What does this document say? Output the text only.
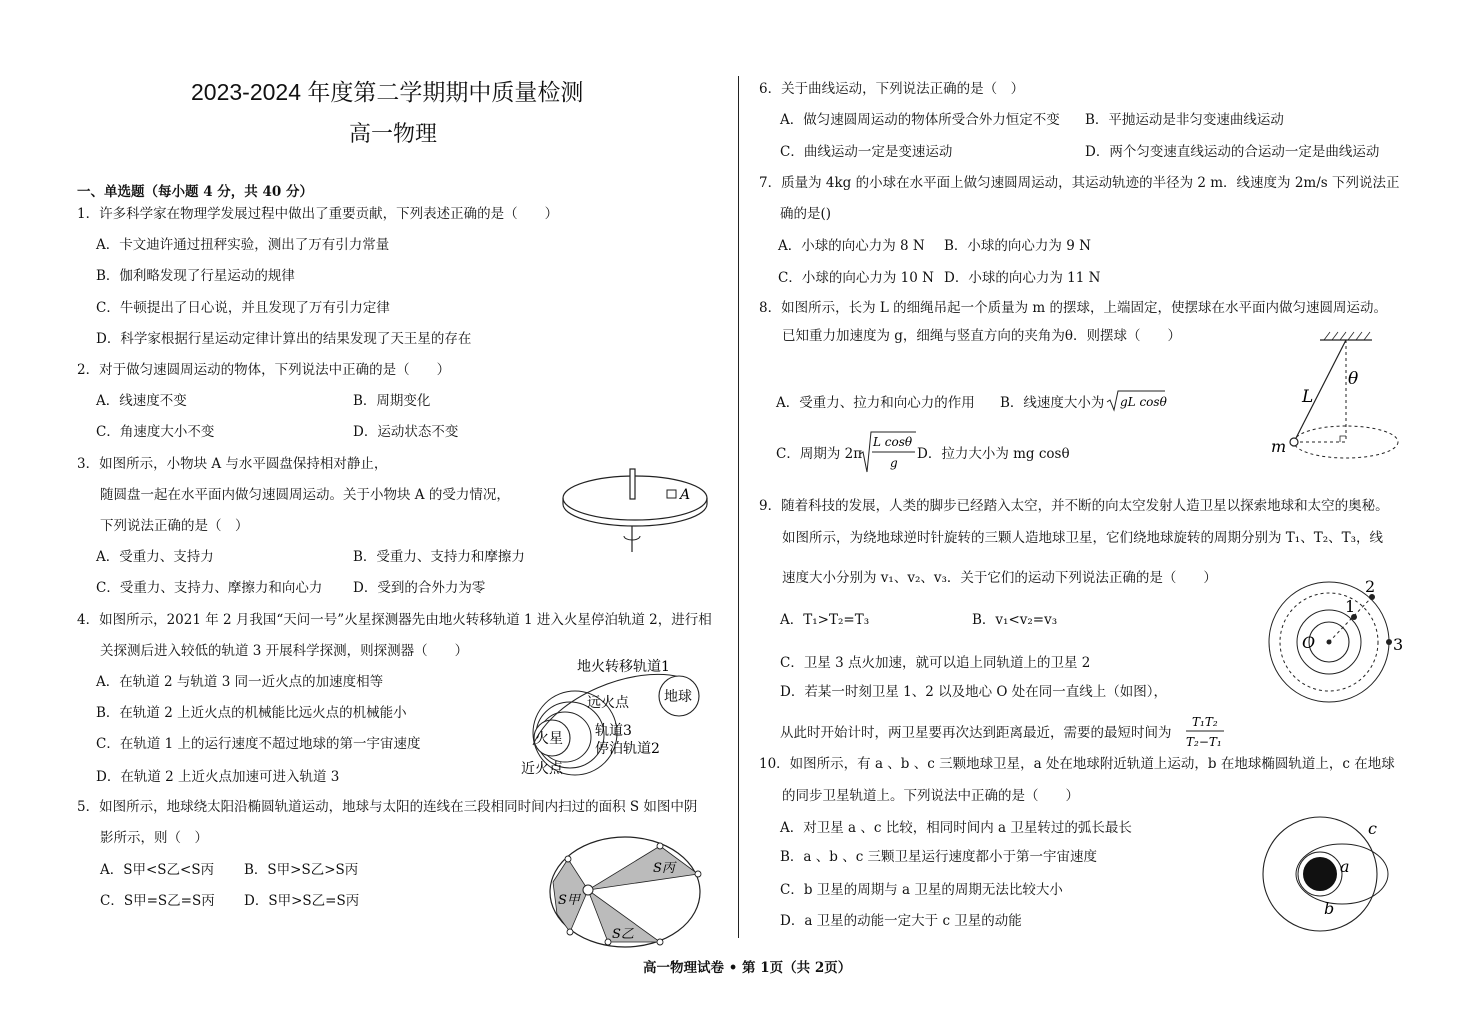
2023-2024 年度第二学期期中质量检测
高一物理
一、单选题（每小题 4 分，共 40 分）
1．许多科学家在物理学发展过程中做出了重要贡献，下列表述正确的是（　　）
A．卡文迪许通过扭秤实验，测出了万有引力常量
B．伽利略发现了行星运动的规律
C．牛顿提出了日心说，并且发现了万有引力定律
D．科学家根据行星运动定律计算出的结果发现了天王星的存在
2．对于做匀速圆周运动的物体，下列说法中正确的是（　　）
A．线速度不变	B．周期变化
C．角速度大小不变	D．运动状态不变
3．如图所示，小物块 A 与水平圆盘保持相对静止，
随圆盘一起在水平面内做匀速圆周运动。关于小物块 A 的受力情况，
下列说法正确的是（　）
A．受重力、支持力	B．受重力、支持力和摩擦力
C．受重力、支持力、摩擦力和向心力 D．受到的合外力为零
A
4．如图所示，2021 年 2 月我国“天问一号”火星探测器先由地火转移轨道 1 进入火星停泊轨道 2，进行相
关探测后进入较低的轨道 3 开展科学探测，则探测器（　　）
A．在轨道 2 与轨道 3 同一近火点的加速度相等
B．在轨道 2 上近火点的机械能比远火点的机械能小
C．在轨道 1 上的运行速度不超过地球的第一宇宙速度
D．在轨道 2 上近火点加速可进入轨道 3
地火转移轨道1
地球
远火点
轨道3
火星
停泊轨道2
近火点
5．如图所示，地球绕太阳沿椭圆轨道运动，地球与太阳的连线在三段相同时间内扫过的面积 S 如图中阴
影所示，则（　）
A．S甲<S乙<S丙 B．S甲>S乙>S丙
C．S甲=S乙=S丙 D．S甲>S乙=S丙	S甲
S丙
S乙
6．关于曲线运动，下列说法正确的是（　）
A．做匀速圆周运动的物体所受合外力恒定不变 B．平抛运动是非匀变速曲线运动
C．曲线运动一定是变速运动	D．两个匀变速直线运动的合运动一定是曲线运动
7．质量为 4kg 的小球在水平面上做匀速圆周运动，其运动轨迹的半径为 2 m．线速度为 2m/s 下列说法正
确的是()
A．小球的向心力为 8 N B．小球的向心力为 9 N
C．小球的向心力为 10 N D．小球的向心力为 11 N
8．如图所示，长为 L 的细绳吊起一个质量为 m 的摆球，上端固定，使摆球在水平面内做匀速圆周运动。
已知重力加速度为 g，细绳与竖直方向的夹角为θ．则摆球（　　）
A．受重力、拉力和向心力的作用 B．线速度大小为 gL cosθ
C．周期为 2π
L cosθ
g
D．拉力大小为 mg cosθ
L
θ
m
9．随着科技的发展，人类的脚步已经踏入太空，并不断的向太空发射人造卫星以探索地球和太空的奥秘。
如图所示，为绕地球逆时针旋转的三颗人造地球卫星，它们绕地球旋转的周期分别为 T₁、T₂、T₃，线
速度大小分别为 v₁、v₂、v₃．关于它们的运动下列说法正确的是（　　）
A．T₁>T₂=T₃	B．v₁<v₂=v₃
C．卫星 3 点火加速，就可以追上同轨道上的卫星 2
D．若某一时刻卫星 1、2 以及地心 O 处在同一直线上（如图），
从此时开始计时，两卫星要再次达到距离最近，需要的最短时间为
T₁T₂
T₂−T₁
O
1
2
3
10．如图所示，有 a 、b 、c 三颗地球卫星，a 处在地球附近轨道上运动，b 在地球椭圆轨道上，c 在地球
的同步卫星轨道上。下列说法中正确的是（　　）
A．对卫星 a 、c 比较，相同时间内 a 卫星转过的弧长最长
B．a 、b 、c 三颗卫星运行速度都小于第一宇宙速度
C．b 卫星的周期与 a 卫星的周期无法比较大小
D．a 卫星的动能一定大于 c 卫星的动能
c
a
b
高一物理试卷 • 第 1页（共 2页）
